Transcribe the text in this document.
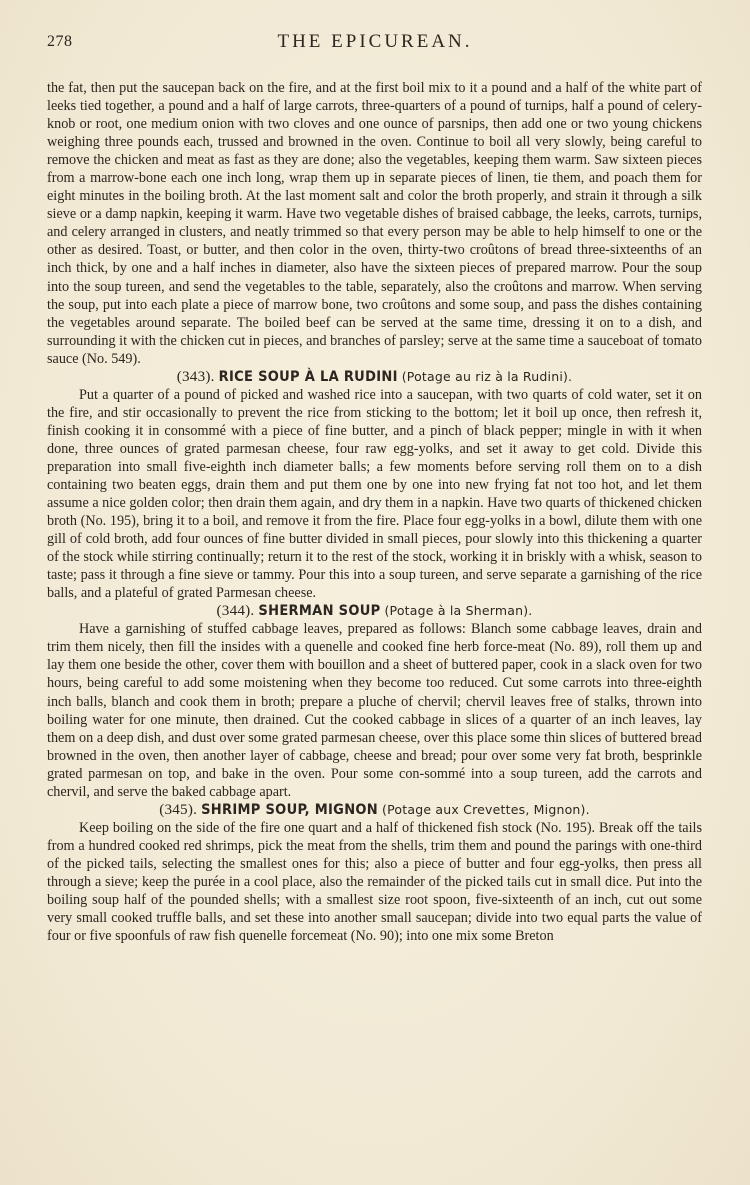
278	THE EPICUREAN.

the fat, then put the saucepan back on the fire, and at the first boil mix to it a pound and a half of the white part of leeks tied together, a pound and a half of large carrots, three-quarters of a pound of turnips, half a pound of celery-knob or root, one medium onion with two cloves and one ounce of parsnips, then add one or two young chickens weighing three pounds each, trussed and browned in the oven. Continue to boil all very slowly, being careful to remove the chicken and meat as fast as they are done; also the vegetables, keeping them warm. Saw sixteen pieces from a marrow-bone each one inch long, wrap them up in separate pieces of linen, tie them, and poach them for eight minutes in the boiling broth. At the last moment salt and color the broth properly, and strain it through a silk sieve or a damp napkin, keeping it warm. Have two vegetable dishes of braised cabbage, the leeks, carrots, turnips, and celery arranged in clusters, and neatly trimmed so that every person may be able to help himself to one or the other as desired. Toast, or butter, and then color in the oven, thirty-two croûtons of bread three-sixteenths of an inch thick, by one and a half inches in diameter, also have the sixteen pieces of prepared marrow. Pour the soup into the soup tureen, and send the vegetables to the table, separately, also the croûtons and marrow. When serving the soup, put into each plate a piece of marrow bone, two croûtons and some soup, and pass the dishes containing the vegetables around separate. The boiled beef can be served at the same time, dressing it on to a dish, and surrounding it with the chicken cut in pieces, and branches of parsley; serve at the same time a sauceboat of tomato sauce (No. 549).

(343). RICE SOUP À LA RUDINI (Potage au riz à la Rudini).

Put a quarter of a pound of picked and washed rice into a saucepan, with two quarts of cold water, set it on the fire, and stir occasionally to prevent the rice from sticking to the bottom; let it boil up once, then refresh it, finish cooking it in consommé with a piece of fine butter, and a pinch of black pepper; mingle in with it when done, three ounces of grated parmesan cheese, four raw egg-yolks, and set it away to get cold. Divide this preparation into small five-eighth inch diameter balls; a few moments before serving roll them on to a dish containing two beaten eggs, drain them and put them one by one into new frying fat not too hot, and let them assume a nice golden color; then drain them again, and dry them in a napkin. Have two quarts of thickened chicken broth (No. 195), bring it to a boil, and remove it from the fire. Place four egg-yolks in a bowl, dilute them with one gill of cold broth, add four ounces of fine butter divided in small pieces, pour slowly into this thickening a quarter of the stock while stirring continually; return it to the rest of the stock, working it in briskly with a whisk, season to taste; pass it through a fine sieve or tammy. Pour this into a soup tureen, and serve separate a garnishing of the rice balls, and a plateful of grated Parmesan cheese.

(344). SHERMAN SOUP (Potage à la Sherman).

Have a garnishing of stuffed cabbage leaves, prepared as follows: Blanch some cabbage leaves, drain and trim them nicely, then fill the insides with a quenelle and cooked fine herb force-meat (No. 89), roll them up and lay them one beside the other, cover them with bouillon and a sheet of buttered paper, cook in a slack oven for two hours, being careful to add some moistening when they become too reduced. Cut some carrots into three-eighth inch balls, blanch and cook them in broth; prepare a pluche of chervil; chervil leaves free of stalks, thrown into boiling water for one minute, then drained. Cut the cooked cabbage in slices of a quarter of an inch leaves, lay them on a deep dish, and dust over some grated parmesan cheese, over this place some thin slices of buttered bread browned in the oven, then another layer of cabbage, cheese and bread; pour over some very fat broth, besprinkle grated parmesan on top, and bake in the oven. Pour some con-sommé into a soup tureen, add the carrots and chervil, and serve the baked cabbage apart.

(345). SHRIMP SOUP, MIGNON (Potage aux Crevettes, Mignon).

Keep boiling on the side of the fire one quart and a half of thickened fish stock (No. 195). Break off the tails from a hundred cooked red shrimps, pick the meat from the shells, trim them and pound the parings with one-third of the picked tails, selecting the smallest ones for this; also a piece of butter and four egg-yolks, then press all through a sieve; keep the purée in a cool place, also the remainder of the picked tails cut in small dice. Put into the boiling soup half of the pounded shells; with a smallest size root spoon, five-sixteenth of an inch, cut out some very small cooked truffle balls, and set these into another small saucepan; divide into two equal parts the value of four or five spoonfuls of raw fish quenelle forcemeat (No. 90); into one mix some Breton
